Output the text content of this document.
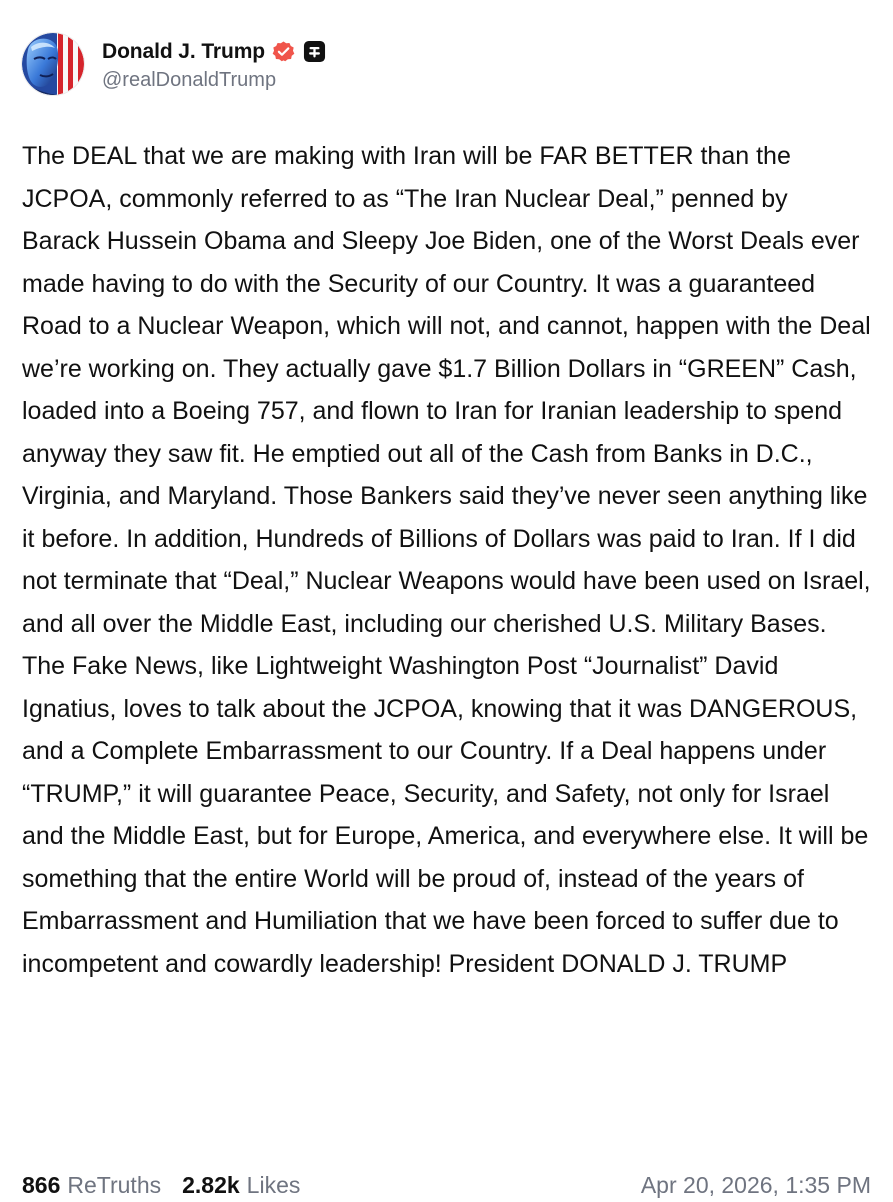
Donald J. Trump
@realDonaldTrump
The DEAL that we are making with Iran will be FAR BETTER than the JCPOA, commonly referred to as “The Iran Nuclear Deal,” penned by Barack Hussein Obama and Sleepy Joe Biden, one of the Worst Deals ever made having to do with the Security of our Country. It was a guaranteed Road to a Nuclear Weapon, which will not, and cannot, happen with the Deal we’re working on. They actually gave $1.7 Billion Dollars in “GREEN” Cash, loaded into a Boeing 757, and flown to Iran for Iranian leadership to spend anyway they saw fit. He emptied out all of the Cash from Banks in D.C., Virginia, and Maryland. Those Bankers said they’ve never seen anything like it before. In addition, Hundreds of Billions of Dollars was paid to Iran. If I did not terminate that “Deal,” Nuclear Weapons would have been used on Israel, and all over the Middle East, including our cherished U.S. Military Bases. The Fake News, like Lightweight Washington Post “Journalist” David Ignatius, loves to talk about the JCPOA, knowing that it was DANGEROUS, and a Complete Embarrassment to our Country. If a Deal happens under “TRUMP,” it will guarantee Peace, Security, and Safety, not only for Israel and the Middle East, but for Europe, America, and everywhere else. It will be something that the entire World will be proud of, instead of the years of Embarrassment and Humiliation that we have been forced to suffer due to incompetent and cowardly leadership! President DONALD J. TRUMP
866 ReTruths 2.82k Likes	Apr 20, 2026, 1:35 PM
